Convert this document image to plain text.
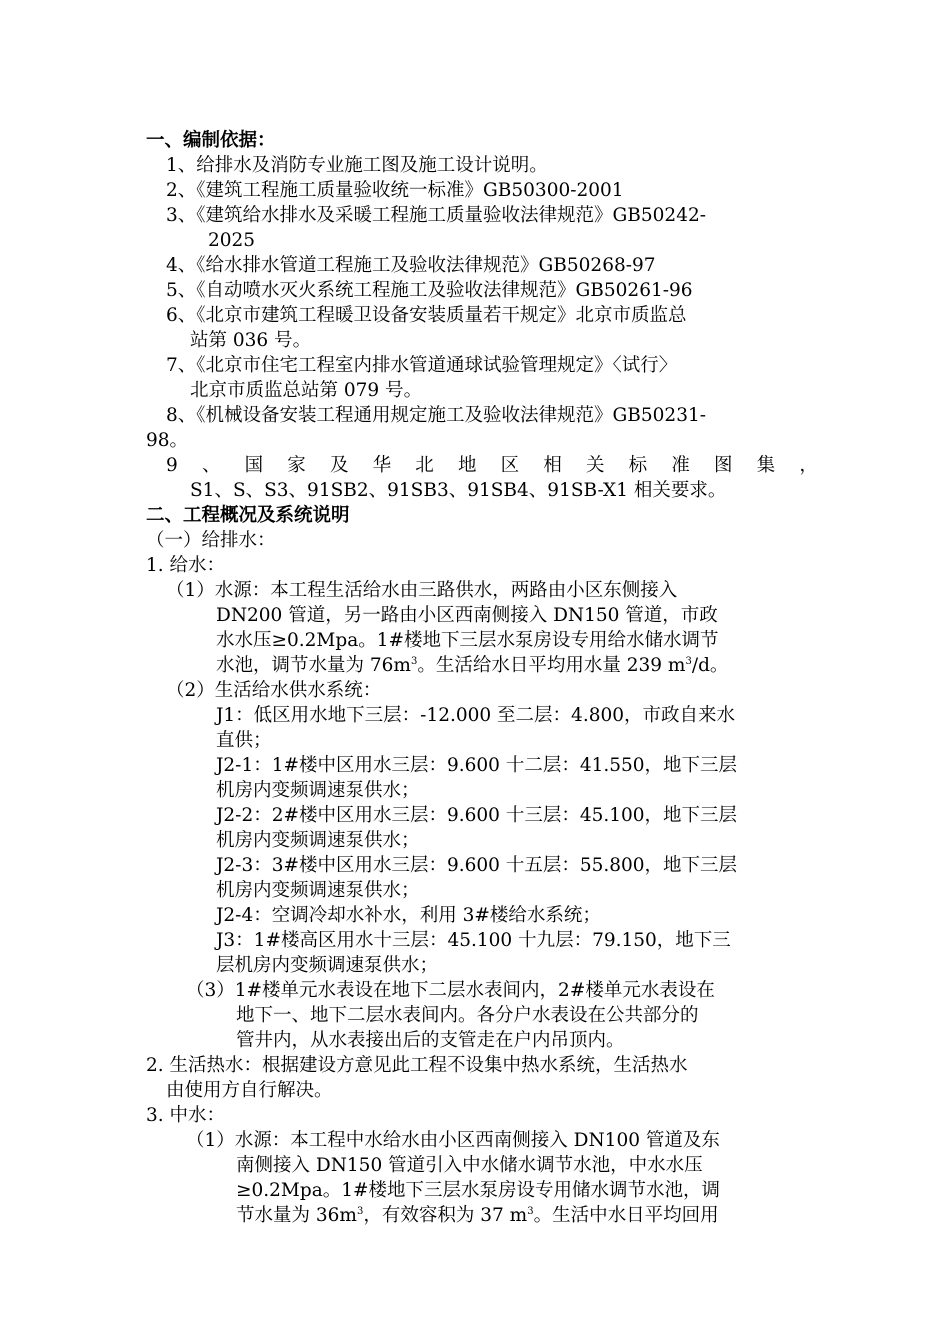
一、编制依据：
1、给排水及消防专业施工图及施工设计说明。
2、《建筑工程施工质量验收统一标准》GB50300-2001
3、《建筑给水排水及采暖工程施工质量验收法律规范》GB50242-
2025
4、《给水排水管道工程施工及验收法律规范》GB50268-97
5、《自动喷水灭火系统工程施工及验收法律规范》GB50261-96
6、《北京市建筑工程暖卫设备安装质量若干规定》北京市质监总
站第 036 号。
7、《北京市住宅工程室内排水管道通球试验管理规定》〈试行〉
北京市质监总站第 079 号。
8、《机械设备安装工程通用规定施工及验收法律规范》GB50231-
98。
9 、 国 家 及 华 北 地 区 相 关 标 准 图 集 ，
S1、S、S3、91SB2、91SB3、91SB4、91SB-X1 相关要求。
二、工程概况及系统说明
（一）给排水：
1. 给水：
（1）水源：本工程生活给水由三路供水，两路由小区东侧接入
DN200 管道，另一路由小区西南侧接入 DN150 管道，市政
水水压≥0.2Mpa。1#楼地下三层水泵房设专用给水储水调节
水池，调节水量为 $76m^3$。生活给水日平均用水量 239 $m^3/d$。
（2）生活给水供水系统：
J1：低区用水地下三层：-12.000 至二层：4.800，市政自来水
直供；
J2-1：1#楼中区用水三层：9.600 十二层：41.550，地下三层
机房内变频调速泵供水；
J2-2：2#楼中区用水三层：9.600 十三层：45.100，地下三层
机房内变频调速泵供水；
J2-3：3#楼中区用水三层：9.600 十五层：55.800，地下三层
机房内变频调速泵供水；
J2-4：空调冷却水补水，利用 3#楼给水系统；
J3：1#楼高区用水十三层：45.100 十九层：79.150，地下三
层机房内变频调速泵供水；
（3）1#楼单元水表设在地下二层水表间内，2#楼单元水表设在
地下一、地下二层水表间内。各分户水表设在公共部分的
管井内，从水表接出后的支管走在户内吊顶内。
2. 生活热水：根据建设方意见此工程不设集中热水系统，生活热水
由使用方自行解决。
3. 中水：
（1）水源：本工程中水给水由小区西南侧接入 DN100 管道及东
南侧接入 DN150 管道引入中水储水调节水池，中水水压
≥0.2Mpa。1#楼地下三层水泵房设专用储水调节水池，调
节水量为 $36m^3$，有效容积为 37 $m^3$。生活中水日平均回用
